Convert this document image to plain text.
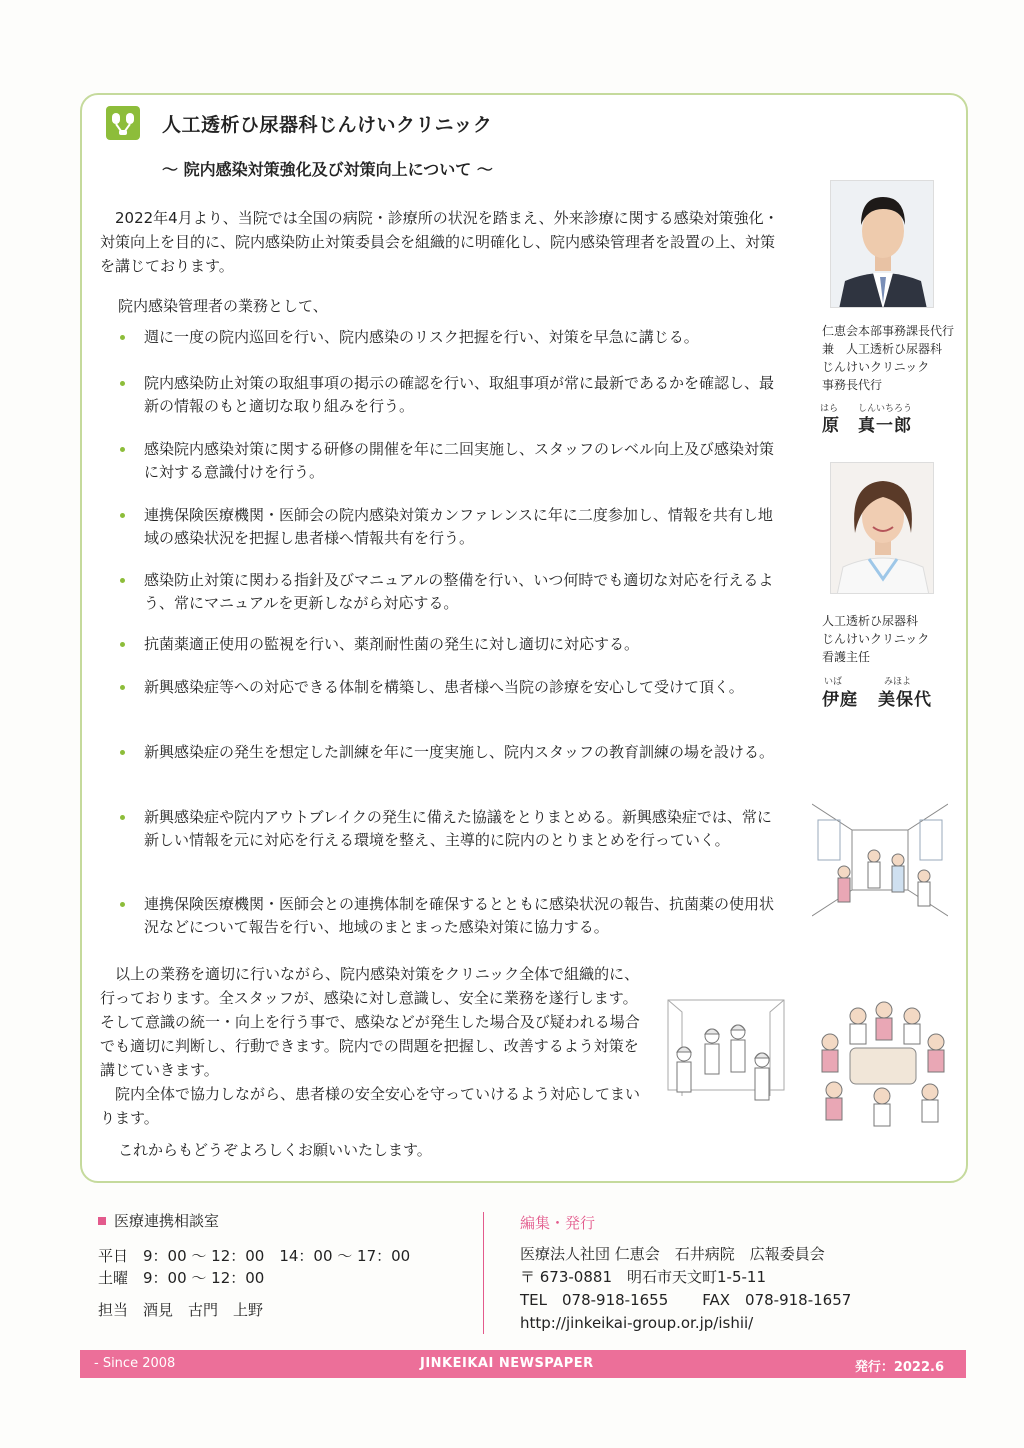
人工透析ひ尿器科じんけいクリニック
～ 院内感染対策強化及び対策向上について ～

2022年4月より、当院では全国の病院・診療所の状況を踏まえ、外来診療に関する感染対策強化・対策向上を目的に、院内感染防止対策委員会を組織的に明確化し、院内感染管理者を設置の上、対策を講じております。

院内感染管理者の業務として、

週に一度の院内巡回を行い、院内感染のリスク把握を行い、対策を早急に講じる。
院内感染防止対策の取組事項の掲示の確認を行い、取組事項が常に最新であるかを確認し、最新の情報のもと適切な取り組みを行う。
感染院内感染対策に関する研修の開催を年に二回実施し、スタッフのレベル向上及び感染対策に対する意識付けを行う。
連携保険医療機関・医師会の院内感染対策カンファレンスに年に二度参加し、情報を共有し地域の感染状況を把握し患者様へ情報共有を行う。
感染防止対策に関わる指針及びマニュアルの整備を行い、いつ何時でも適切な対応を行えるよう、常にマニュアルを更新しながら対応する。
抗菌薬適正使用の監視を行い、薬剤耐性菌の発生に対し適切に対応する。
新興感染症等への対応できる体制を構築し、患者様へ当院の診療を安心して受けて頂く。
新興感染症の発生を想定した訓練を年に一度実施し、院内スタッフの教育訓練の場を設ける。
新興感染症や院内アウトブレイクの発生に備えた協議をとりまとめる。新興感染症では、常に新しい情報を元に対応を行える環境を整え、主導的に院内のとりまとめを行っていく。
連携保険医療機関・医師会との連携体制を確保するとともに感染状況の報告、抗菌薬の使用状況などについて報告を行い、地域のまとまった感染対策に協力する。

以上の業務を適切に行いながら、院内感染対策をクリニック全体で組織的に、行っております。全スタッフが、感染に対し意識し、安全に業務を遂行します。そして意識の統一・向上を行う事で、感染などが発生した場合及び疑われる場合でも適切に判断し、行動できます。院内での問題を把握し、改善するよう対策を講じていきます。

院内全体で協力しながら、患者様の安全安心を守っていけるよう対応してまいります。

これからもどうぞよろしくお願いいたします。

仁恵会本部事務課長代行
兼　人工透析ひ尿器科
じんけいクリニック
事務長代行
はら しんいちろう
原 真一郎
人工透析ひ尿器科
じんけいクリニック
看護主任
いば	みほよ
伊庭 美保代
医療連携相談室
平日　9：00 ～ 12：00　14：00 ～ 17：00
土曜　9：00 ～ 12：00
担当　酒見　古門　上野
編集・発行
医療法人社団 仁恵会　石井病院　広報委員会
〒 673-0881　明石市天文町1-5-11
TEL　078-918-1655 FAX　078-918-1657
http://jinkeikai-group.or.jp/ishii/
- Since 2008	JINKEIKAI NEWSPAPER	発行：2022.6
